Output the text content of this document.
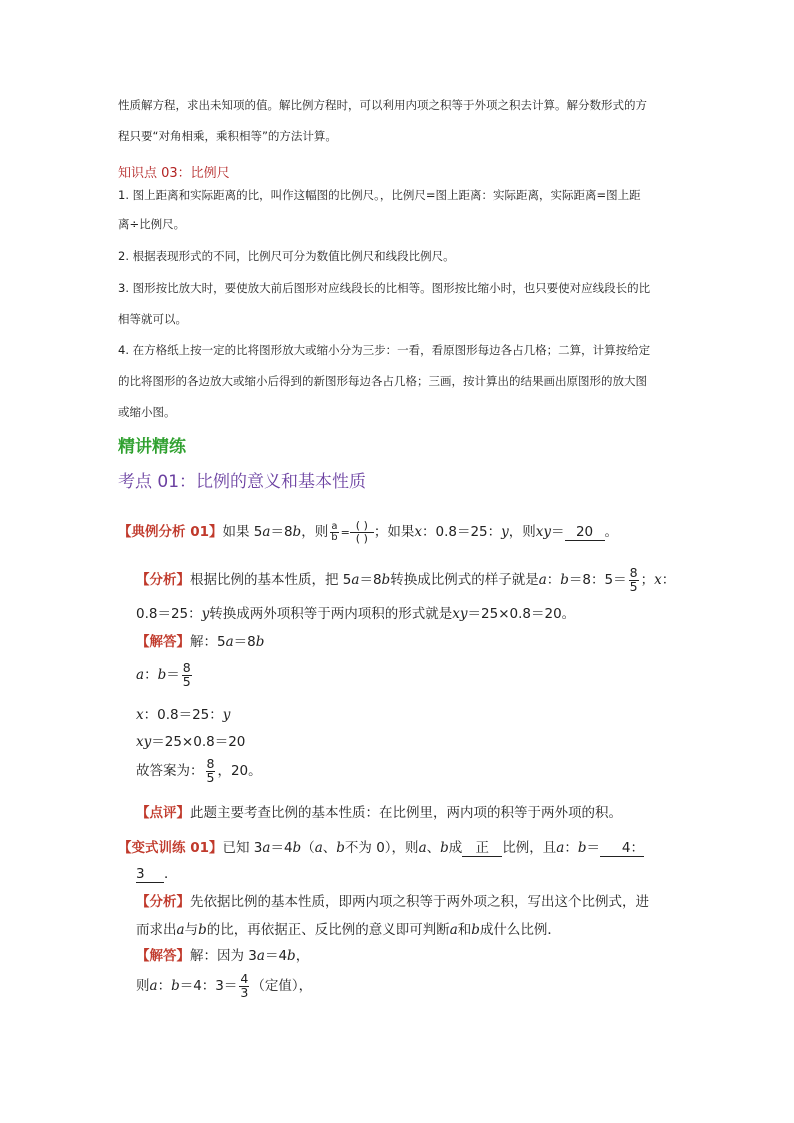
性质解方程，求出未知项的值。解比例方程时，可以利用内项之积等于外项之积去计算。解分数形式的方
程只要“对角相乘，乘积相等”的方法计算。
知识点 03：比例尺
1. 图上距离和实际距离的比，叫作这幅图的比例尺。，比例尺=图上距离：实际距离，实际距离=图上距
离÷比例尺。
2. 根据表现形式的不同，比例尺可分为数值比例尺和线段比例尺。
3. 图形按比放大时，要使放大前后图形对应线段长的比相等。图形按比缩小时，也只要使对应线段长的比
相等就可以。
4. 在方格纸上按一定的比将图形放大或缩小分为三步：一看，看原图形每边各占几格；二算，计算按给定
的比将图形的各边放大或缩小后得到的新图形每边各占几格；三画，按计算出的结果画出原图形的放大图
或缩小图。
精讲精练
考点 01：比例的意义和基本性质
【典例分析 01】如果 5a＝8b，则 $\frac{a}{b} = \frac{( )}{( )}$ ；如果x：0.8＝25：y，则xy＝ 20 。
【分析】根据比例的基本性质，把 5a＝8b转换成比例式的样子就是a：b＝8：$5= \frac{8}{5}$ ；x：
0.8＝25：y转换成两外项积等于两内项积的形式就是xy＝25×0.8＝20。
【解答】解：5a＝8b
a：$b= \frac{8}{5}$
x：0.8＝25：y
xy＝25×0.8＝20
故答案为： $\frac{8}{5}$ ，20。
【点评】此题主要考查比例的基本性质：在比例里，两内项的积等于两外项的积。
【变式训练 01】已知 3a＝4b（a、b不为 0），则a、b成 正 比例，且a：b＝ 4：
3 ．
【分析】先依据比例的基本性质，即两内项之积等于两外项之积，写出这个比例式，进
而求出a与b的比，再依据正、反比例的意义即可判断a和b成什么比例．
【解答】解：因为 3a＝4b，
则a：b＝4：$3= \frac{4}{3}$ （定值），
